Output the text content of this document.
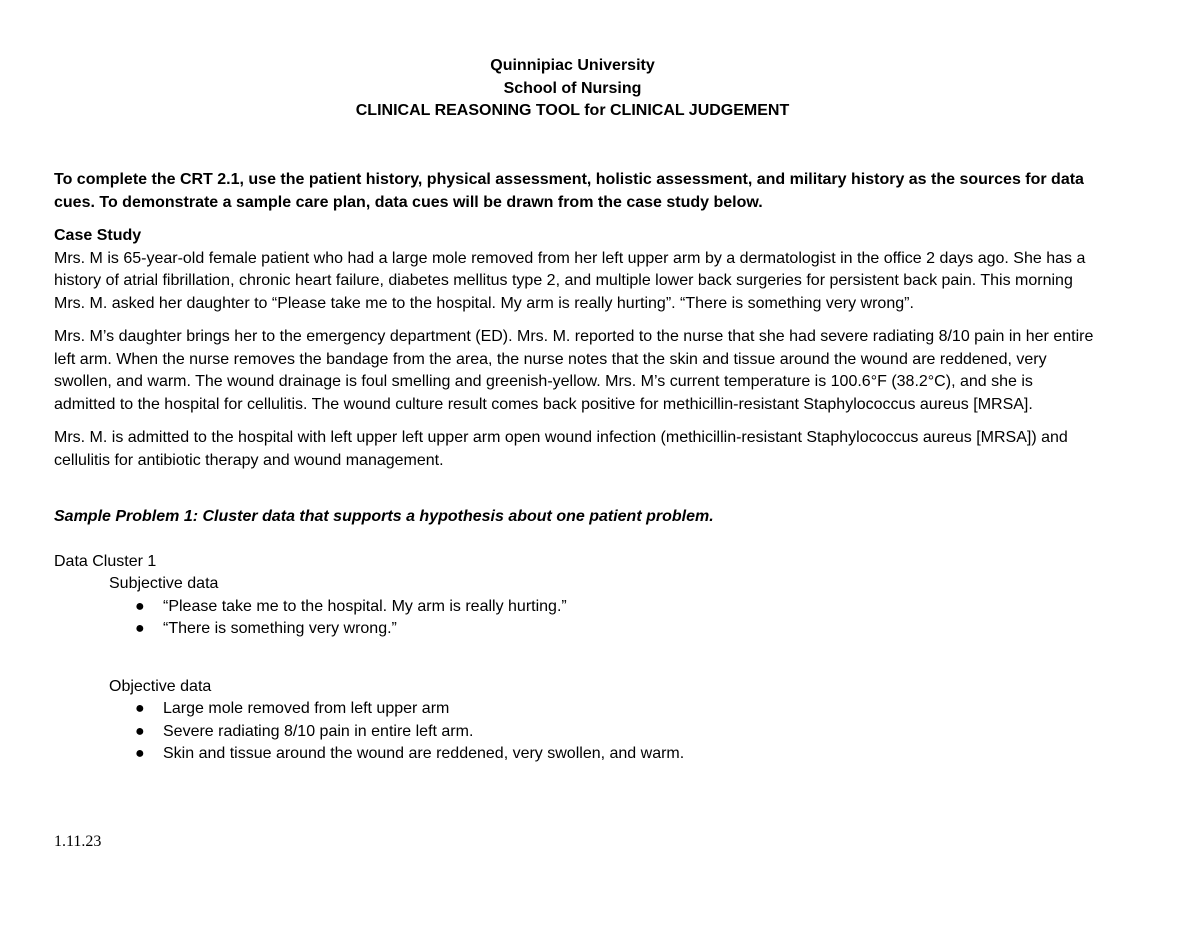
Quinnipiac University
School of Nursing
CLINICAL REASONING TOOL for CLINICAL JUDGEMENT

To complete the CRT 2.1, use the patient history, physical assessment, holistic assessment, and military history as the sources for data cues. To demonstrate a sample care plan, data cues will be drawn from the case study below.

Case Study

Mrs. M is 65-year-old female patient who had a large mole removed from her left upper arm by a dermatologist in the office 2 days ago. She has a history of atrial fibrillation, chronic heart failure, diabetes mellitus type 2, and multiple lower back surgeries for persistent back pain. This morning Mrs. M. asked her daughter to “Please take me to the hospital. My arm is really hurting”. “There is something very wrong”.

Mrs. M’s daughter brings her to the emergency department (ED). Mrs. M. reported to the nurse that she had severe radiating 8/10 pain in her entire left arm. When the nurse removes the bandage from the area, the nurse notes that the skin and tissue around the wound are reddened, very swollen, and warm. The wound drainage is foul smelling and greenish-yellow. Mrs. M’s current temperature is 100.6°F (38.2°C), and she is admitted to the hospital for cellulitis. The wound culture result comes back positive for methicillin-resistant Staphylococcus aureus [MRSA].

Mrs. M. is admitted to the hospital with left upper left upper arm open wound infection (methicillin-resistant Staphylococcus aureus [MRSA]) and cellulitis for antibiotic therapy and wound management.

Sample Problem 1: Cluster data that supports a hypothesis about one patient problem.

Data Cluster 1

Subjective data

●	“Please take me to the hospital. My arm is really hurting.”
●	“There is something very wrong.”

Objective data

●	Large mole removed from left upper arm
●	Severe radiating 8/10 pain in entire left arm.
●	Skin and tissue around the wound are reddened, very swollen, and warm.
1.11.23
